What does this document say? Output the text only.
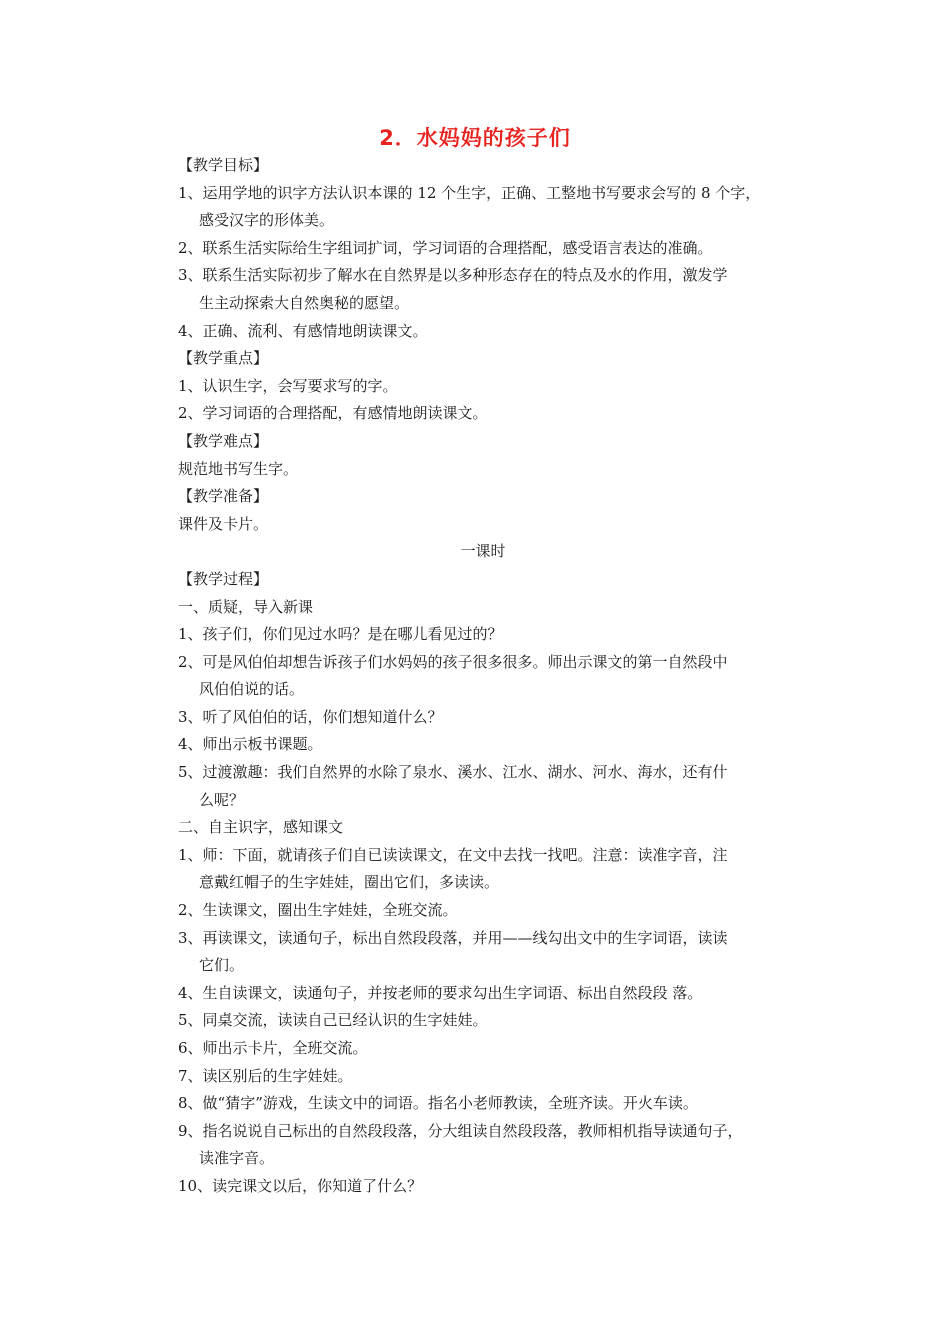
2．水妈妈的孩子们
【教学目标】
1、运用学地的识字方法认识本课的 12 个生字，正确、工整地书写要求会写的 8 个字，
感受汉字的形体美。
2、联系生活实际给生字组词扩词，学习词语的合理搭配，感受语言表达的准确。
3、联系生活实际初步了解水在自然界是以多种形态存在的特点及水的作用，激发学
生主动探索大自然奥秘的愿望。
4、正确、流利、有感情地朗读课文。
【教学重点】
1、认识生字，会写要求写的字。
2、学习词语的合理搭配，有感情地朗读课文。
【教学难点】
规范地书写生字。
【教学准备】
课件及卡片。
一课时
【教学过程】
一、质疑，导入新课
1、孩子们，你们见过水吗？是在哪儿看见过的？
2、可是风伯伯却想告诉孩子们水妈妈的孩子很多很多。师出示课文的第一自然段中
风伯伯说的话。
3、听了风伯伯的话，你们想知道什么？
4、师出示板书课题。
5、过渡激趣：我们自然界的水除了泉水、溪水、江水、湖水、河水、海水，还有什
么呢？
二、自主识字，感知课文
1、师：下面，就请孩子们自已读读课文，在文中去找一找吧。注意：读准字音，注
意戴红帽子的生字娃娃，圈出它们，多读读。
2、生读课文，圈出生字娃娃，全班交流。
3、再读课文，读通句子，标出自然段段落，并用——线勾出文中的生字词语，读读
它们。
4、生自读课文，读通句子，并按老师的要求勾出生字词语、标出自然段段 落。
5、同桌交流，读读自己已经认识的生字娃娃。
6、师出示卡片，全班交流。
7、读区别后的生字娃娃。
8、做“猜字”游戏，生读文中的词语。指名小老师教读，全班齐读。开火车读。
9、指名说说自己标出的自然段段落，分大组读自然段段落，教师相机指导读通句子，
读准字音。
10、读完课文以后，你知道了什么？
